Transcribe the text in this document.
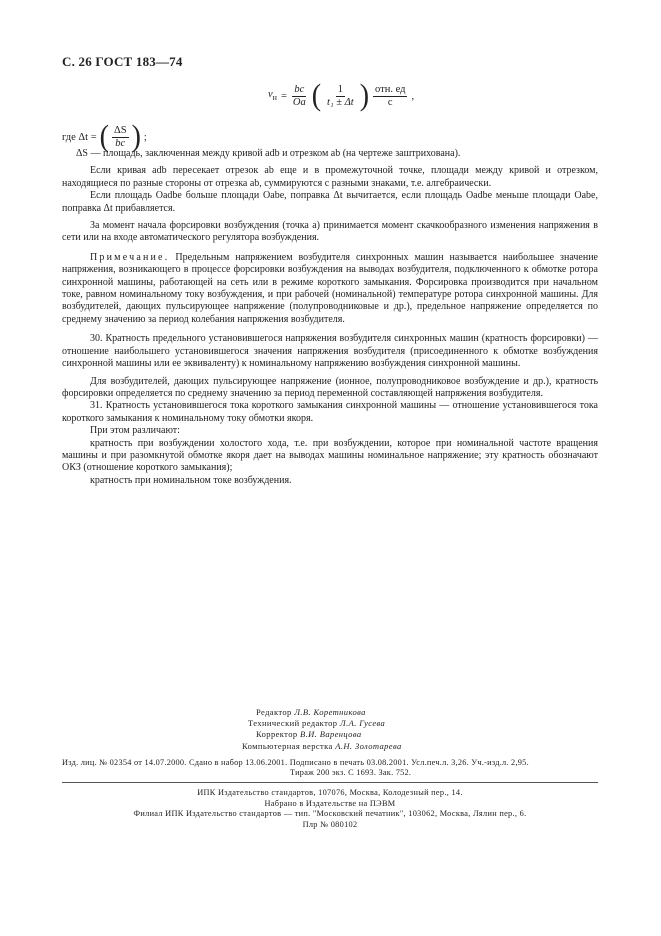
С. 26 ГОСТ 183—74
$v_н = \frac{bc}{Oa}$ ( $\frac{1}{\text{t₁ ± Δt}}$ ) $\frac{\text{отн. ед}}{с}$ ,
где Δt = ( $\frac{\Delta S}{bc}$ ) ;

ΔS — площадь, заключенная между кривой adb и отрезком ab (на чертеже заштрихована).

Если кривая adb пересекает отрезок ab еще и в промежуточной точке, площади между кривой и отрезком, находящиеся по разные стороны от отрезка ab, суммируются с разными знаками, т.е. алгебраически.

Если площадь Oadbe больше площади Oabe, поправка Δt вычитается, если площадь Oadbe меньше площади Oabe, поправка Δt прибавляется.

За момент начала форсировки возбуждения (точка a) принимается момент скачкообразного изменения напряжения в сети или на входе автоматического регулятора возбуждения.

Примечание. Предельным напряжением возбудителя синхронных машин называется наибольшее значение напряжения, возникающего в процессе форсировки возбуждения на выводах возбудителя, подключенного к обмотке ротора синхронной машины, работающей на сеть или в режиме короткого замыкания. Форсировка производится при начальном токе, равном номинальному току возбуждения, и при рабочей (номинальной) температуре ротора синхронной машины. Для возбудителей, дающих пульсирующее напряжение (полупроводниковые и др.), предельное напряжение определяется по среднему значению за период колебания напряжения возбудителя.

30. Кратность предельного установившегося напряжения возбудителя синхронных машин (кратность форсировки) — отношение наибольшего установившегося значения напряжения возбудителя (присоединенного к обмотке возбуждения синхронной машины или ее эквиваленту) к номинальному напряжению возбуждения синхронной машины.

Для возбудителей, дающих пульсирующее напряжение (ионное, полупроводниковое возбуждение и др.), кратность форсировки определяется по среднему значению за период переменной составляющей напряжения возбудителя.

31. Кратность установившегося тока короткого замыкания синхронной машины — отношение установившегося тока короткого замыкания к номинальному току обмотки якоря.

При этом различают:

кратность при возбуждении холостого хода, т.е. при возбуждении, которое при номинальной частоте вращения машины и при разомкнутой обмотке якоря дает на выводах машины номинальное напряжение; эту кратность обозначают ОКЗ (отношение короткого замыкания);

кратность при номинальном токе возбуждения.

Редактор Л.В. Коретникова
Технический редактор Л.А. Гусева
Корректор В.И. Варенцова
Компьютерная верстка А.Н. Золотарева
Изд. лиц. № 02354 от 14.07.2000. Сдано в набор 13.06.2001. Подписано в печать 03.08.2001. Усл.печ.л. 3,26. Уч.-изд.л. 2,95.
Тираж 200 экз. С 1693. Зак. 752.
ИПК Издательство стандартов, 107076, Москва, Колодезный пер., 14.
Набрано в Издательстве на ПЭВМ
Филиал ИПК Издательство стандартов — тип. "Московский печатник", 103062, Москва, Лялин пер., 6.
Плр № 080102
